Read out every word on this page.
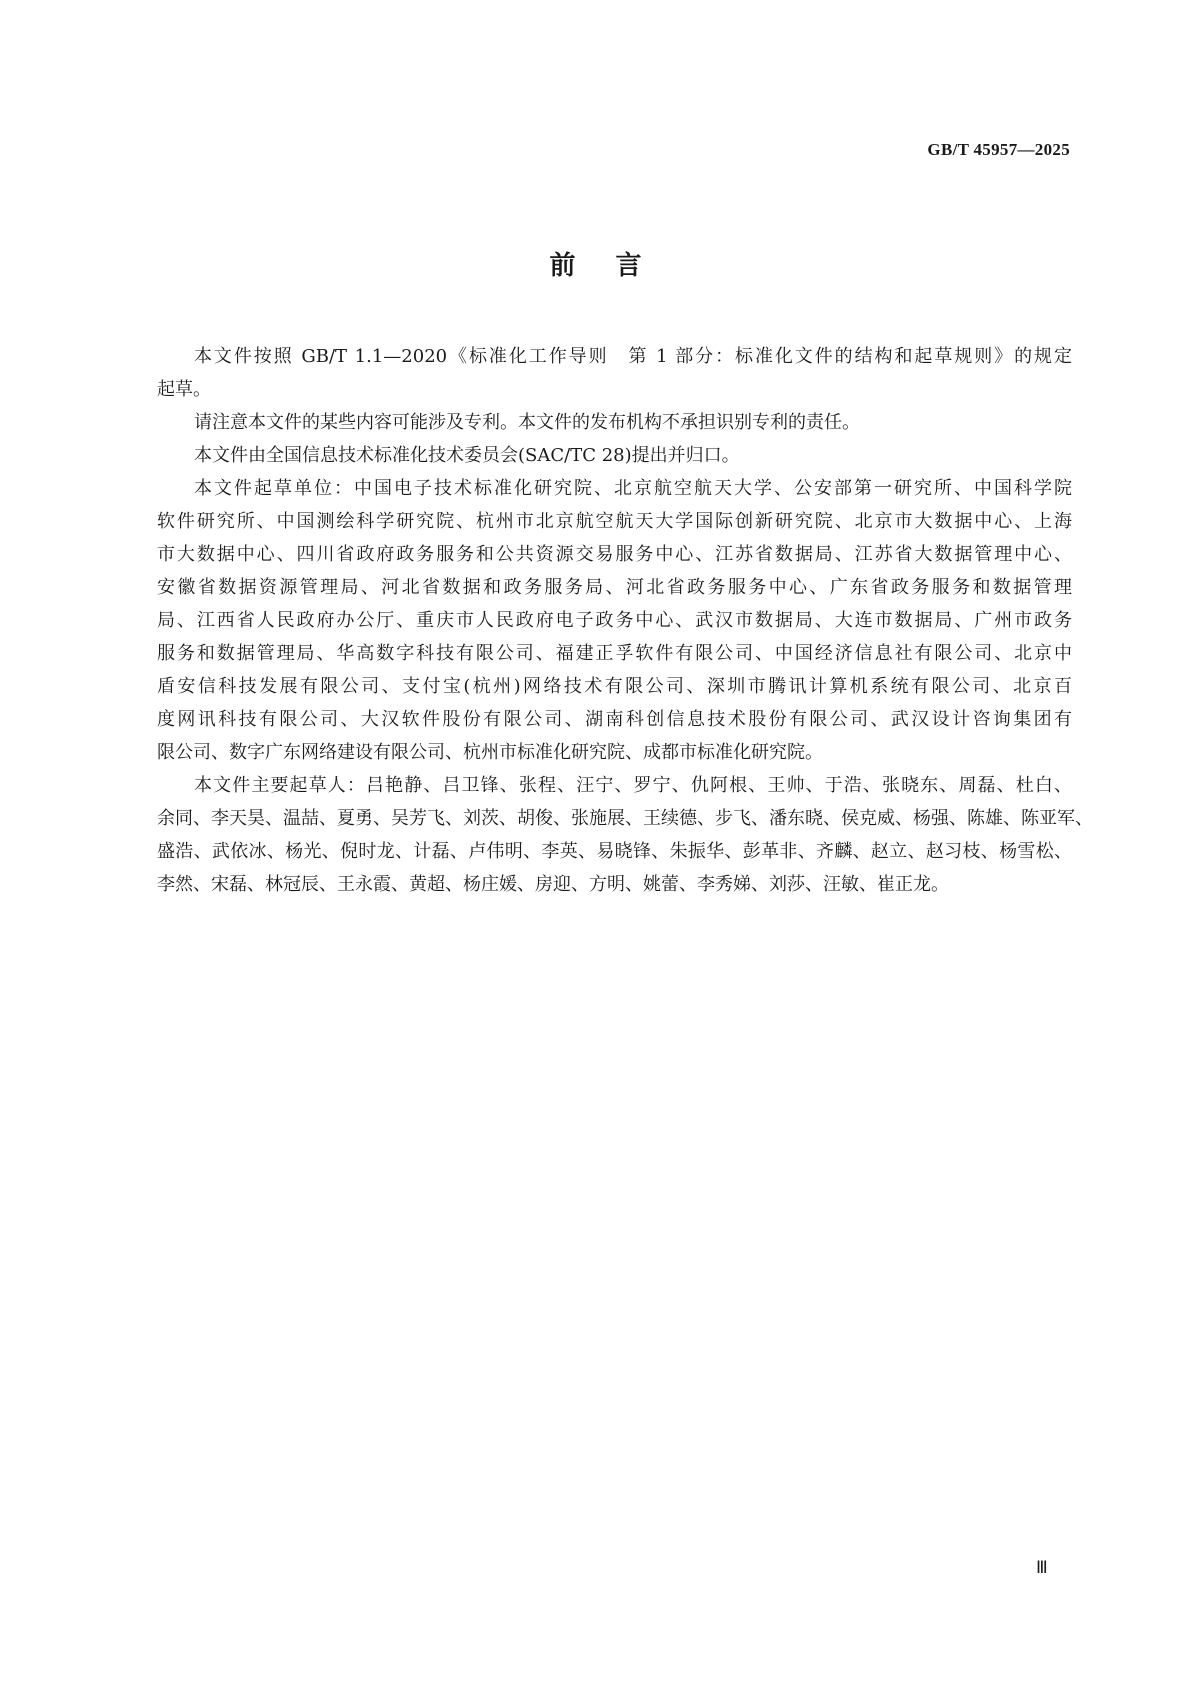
GB/T 45957—2025
前言
本文件按照 GB/T 1.1—2020《标准化工作导则　第 1 部分：标准化文件的结构和起草规则》的规定
起草。
请注意本文件的某些内容可能涉及专利。本文件的发布机构不承担识别专利的责任。
本文件由全国信息技术标准化技术委员会(SAC/TC 28)提出并归口。
本文件起草单位：中国电子技术标准化研究院、北京航空航天大学、公安部第一研究所、中国科学院
软件研究所、中国测绘科学研究院、杭州市北京航空航天大学国际创新研究院、北京市大数据中心、上海
市大数据中心、四川省政府政务服务和公共资源交易服务中心、江苏省数据局、江苏省大数据管理中心、
安徽省数据资源管理局、河北省数据和政务服务局、河北省政务服务中心、广东省政务服务和数据管理
局、江西省人民政府办公厅、重庆市人民政府电子政务中心、武汉市数据局、大连市数据局、广州市政务
服务和数据管理局、华高数字科技有限公司、福建正孚软件有限公司、中国经济信息社有限公司、北京中
盾安信科技发展有限公司、支付宝(杭州)网络技术有限公司、深圳市腾讯计算机系统有限公司、北京百
度网讯科技有限公司、大汉软件股份有限公司、湖南科创信息技术股份有限公司、武汉设计咨询集团有
限公司、数字广东网络建设有限公司、杭州市标准化研究院、成都市标准化研究院。
本文件主要起草人：吕艳静、吕卫锋、张程、汪宁、罗宁、仇阿根、王帅、于浩、张晓东、周磊、杜白、
余同、李天昊、温喆、夏勇、吴芳飞、刘茨、胡俊、张施展、王续德、步飞、潘东晓、侯克威、杨强、陈雄、陈亚军、
盛浩、武依冰、杨光、倪时龙、计磊、卢伟明、李英、易晓锋、朱振华、彭革非、齐麟、赵立、赵习枝、杨雪松、
李然、宋磊、林冠辰、王永霞、黄超、杨庄媛、房迎、方明、姚蕾、李秀娣、刘莎、汪敏、崔正龙。
Ⅲ
